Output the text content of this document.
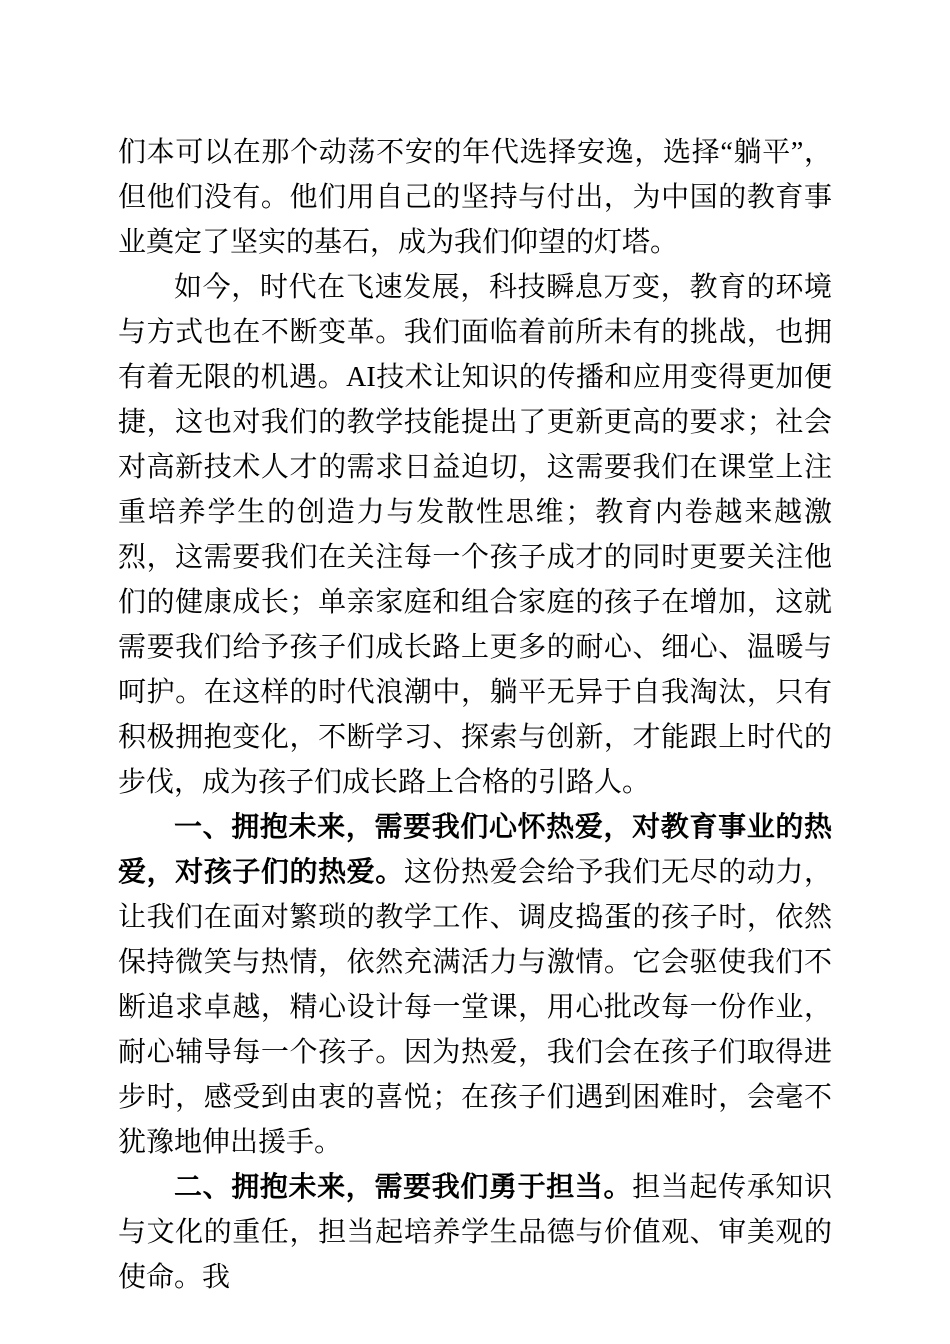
们本可以在那个动荡不安的年代选择安逸，选择“躺平”，但他们没有。他们用自己的坚持与付出，为中国的教育事业奠定了坚实的基石，成为我们仰望的灯塔。

如今，时代在飞速发展，科技瞬息万变，教育的环境与方式也在不断变革。我们面临着前所未有的挑战，也拥有着无限的机遇。AI技术让知识的传播和应用变得更加便捷，这也对我们的教学技能提出了更新更高的要求；社会对高新技术人才的需求日益迫切，这需要我们在课堂上注重培养学生的创造力与发散性思维；教育内卷越来越激烈，这需要我们在关注每一个孩子成才的同时更要关注他们的健康成长；单亲家庭和组合家庭的孩子在增加，这就需要我们给予孩子们成长路上更多的耐心、细心、温暖与呵护。在这样的时代浪潮中，躺平无异于自我淘汰，只有积极拥抱变化，不断学习、探索与创新，才能跟上时代的步伐，成为孩子们成长路上合格的引路人。

一、拥抱未来，需要我们心怀热爱，对教育事业的热爱，对孩子们的热爱。这份热爱会给予我们无尽的动力，让我们在面对繁琐的教学工作、调皮捣蛋的孩子时，依然保持微笑与热情，依然充满活力与激情。它会驱使我们不断追求卓越，精心设计每一堂课，用心批改每一份作业，耐心辅导每一个孩子。因为热爱，我们会在孩子们取得进步时，感受到由衷的喜悦；在孩子们遇到困难时，会毫不犹豫地伸出援手。

二、拥抱未来，需要我们勇于担当。担当起传承知识与文化的重任，担当起培养学生品德与价值观、审美观的使命。我
